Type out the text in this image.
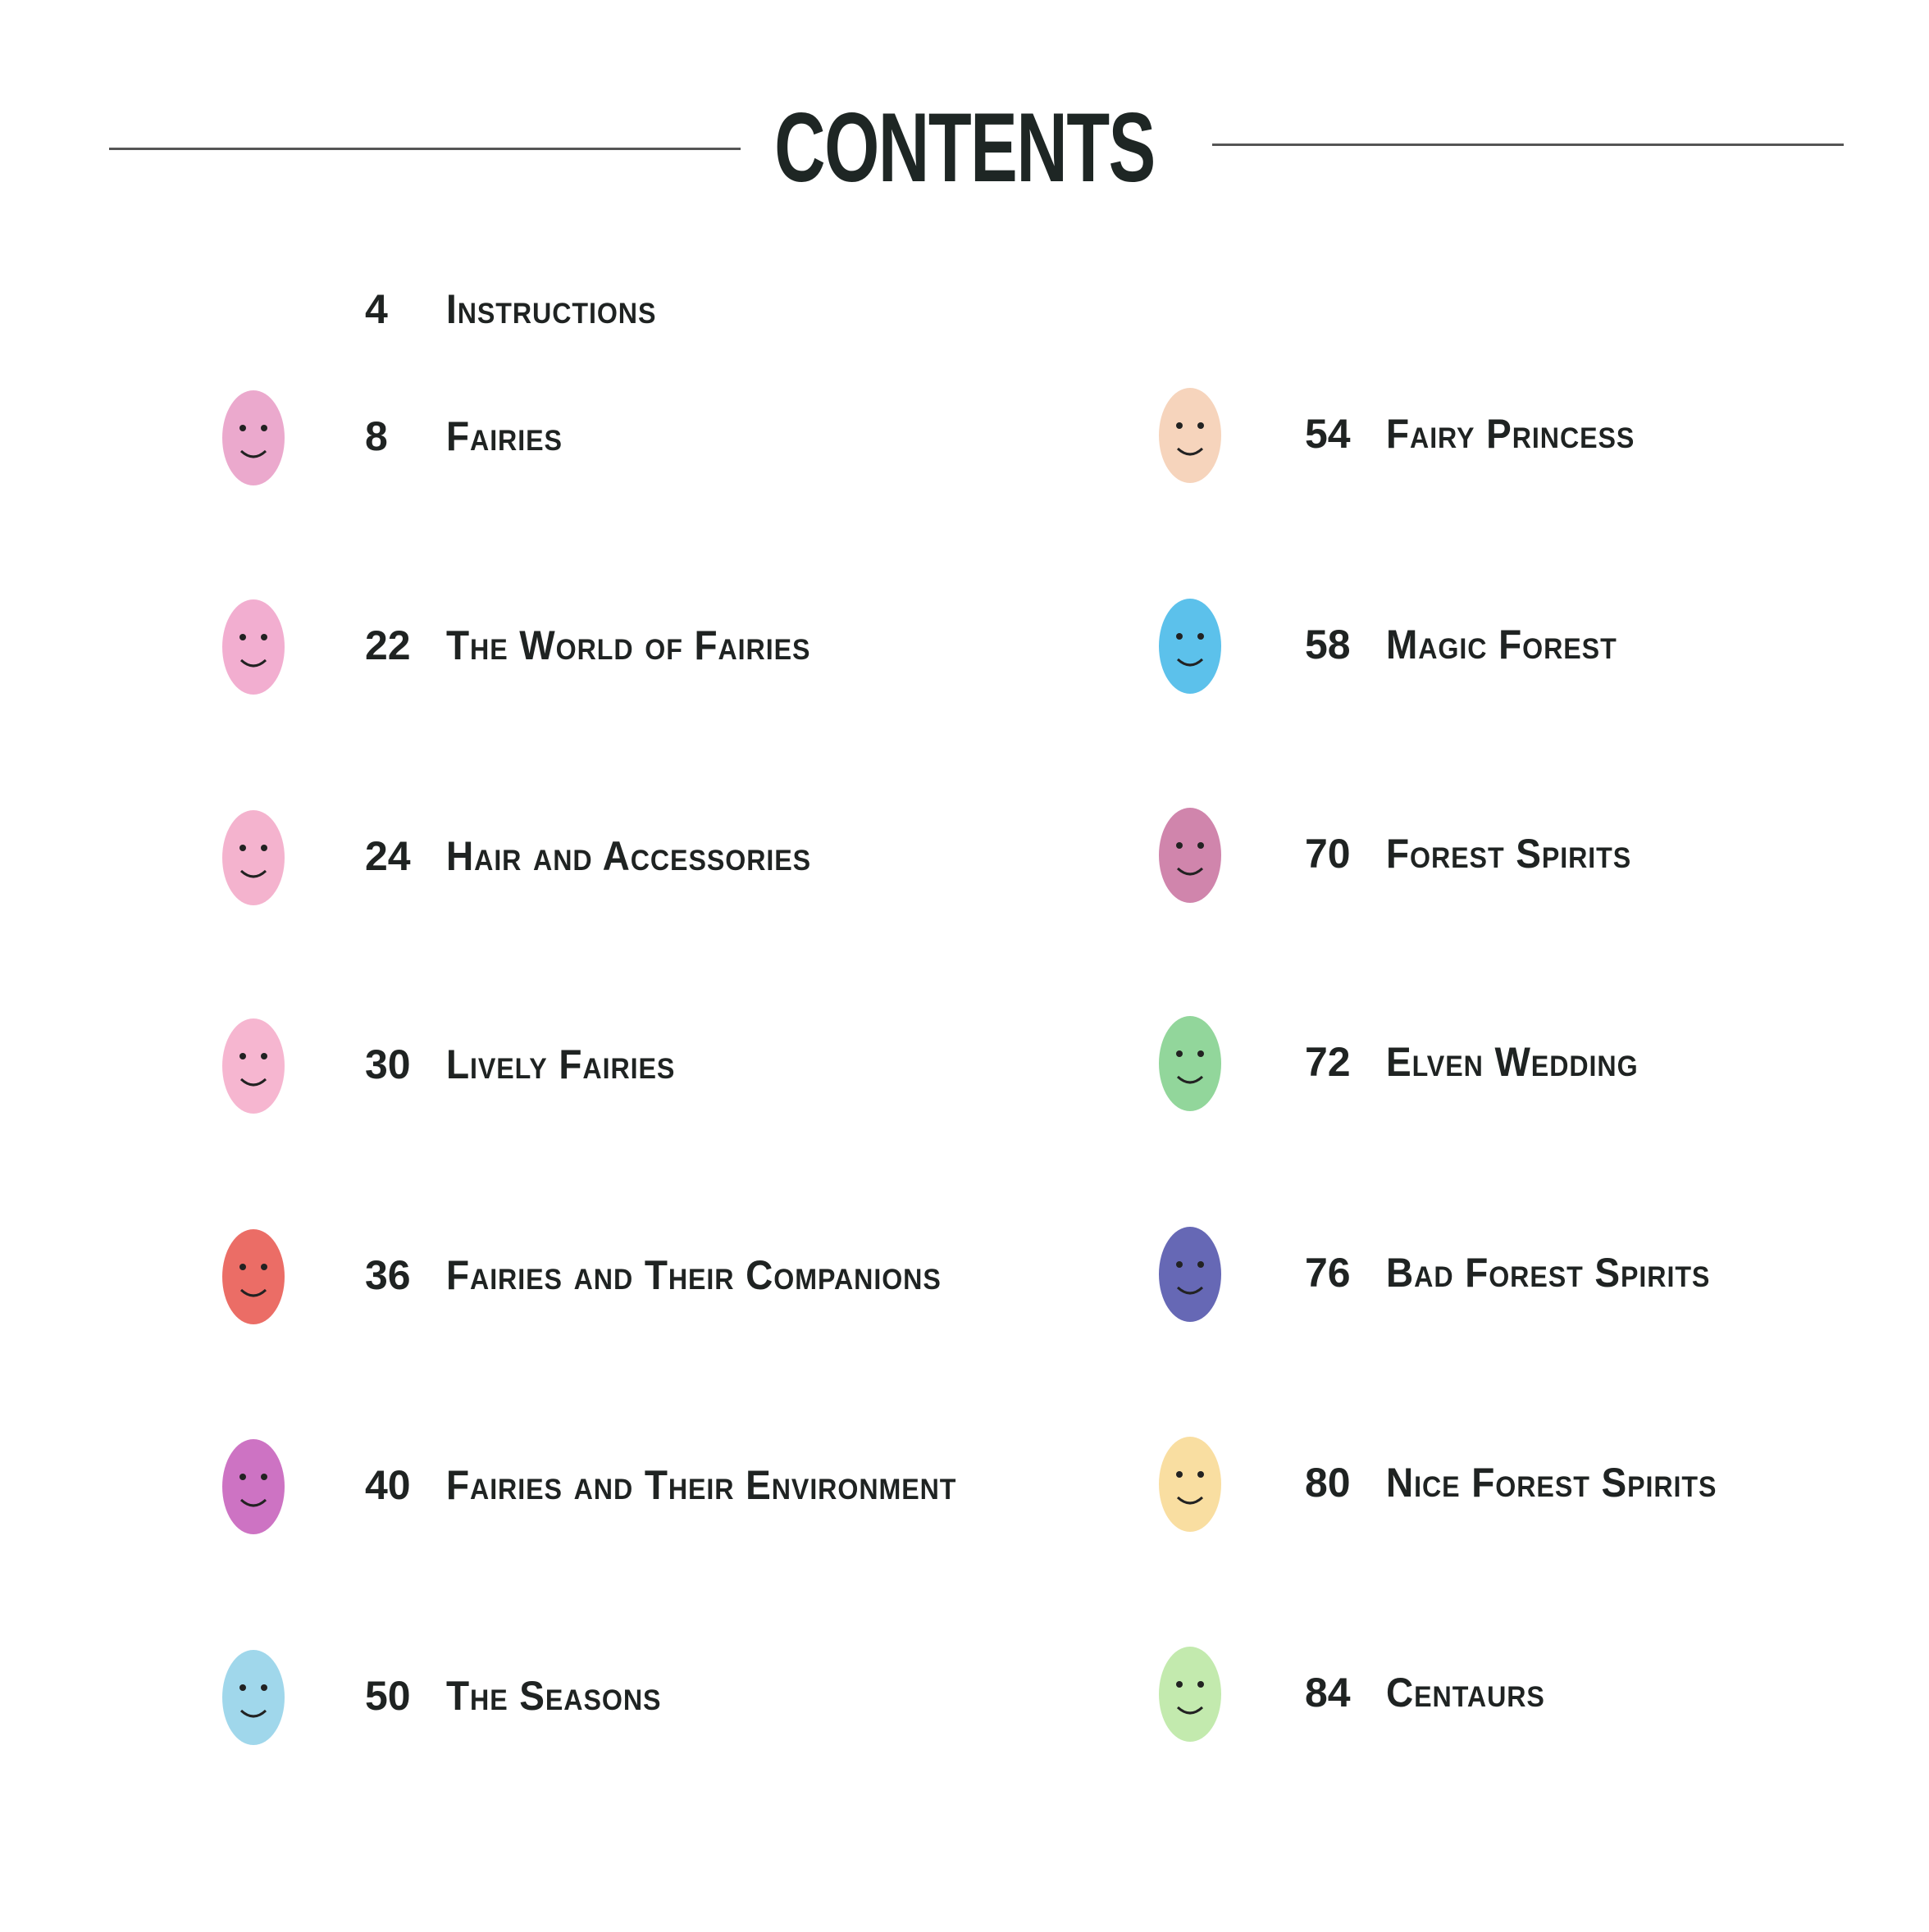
CONTENTS
4 Instructions
8 Fairies
22 The World of Fairies
24 Hair and Accessories
30 Lively Fairies
36 Fairies and Their Companions
40 Fairies and Their Environment
50 The Seasons
54 Fairy Princess
58 Magic Forest
70 Forest Spirits
72 Elven Wedding
76 Bad Forest Spirits
80 Nice Forest Spirits
84 Centaurs
